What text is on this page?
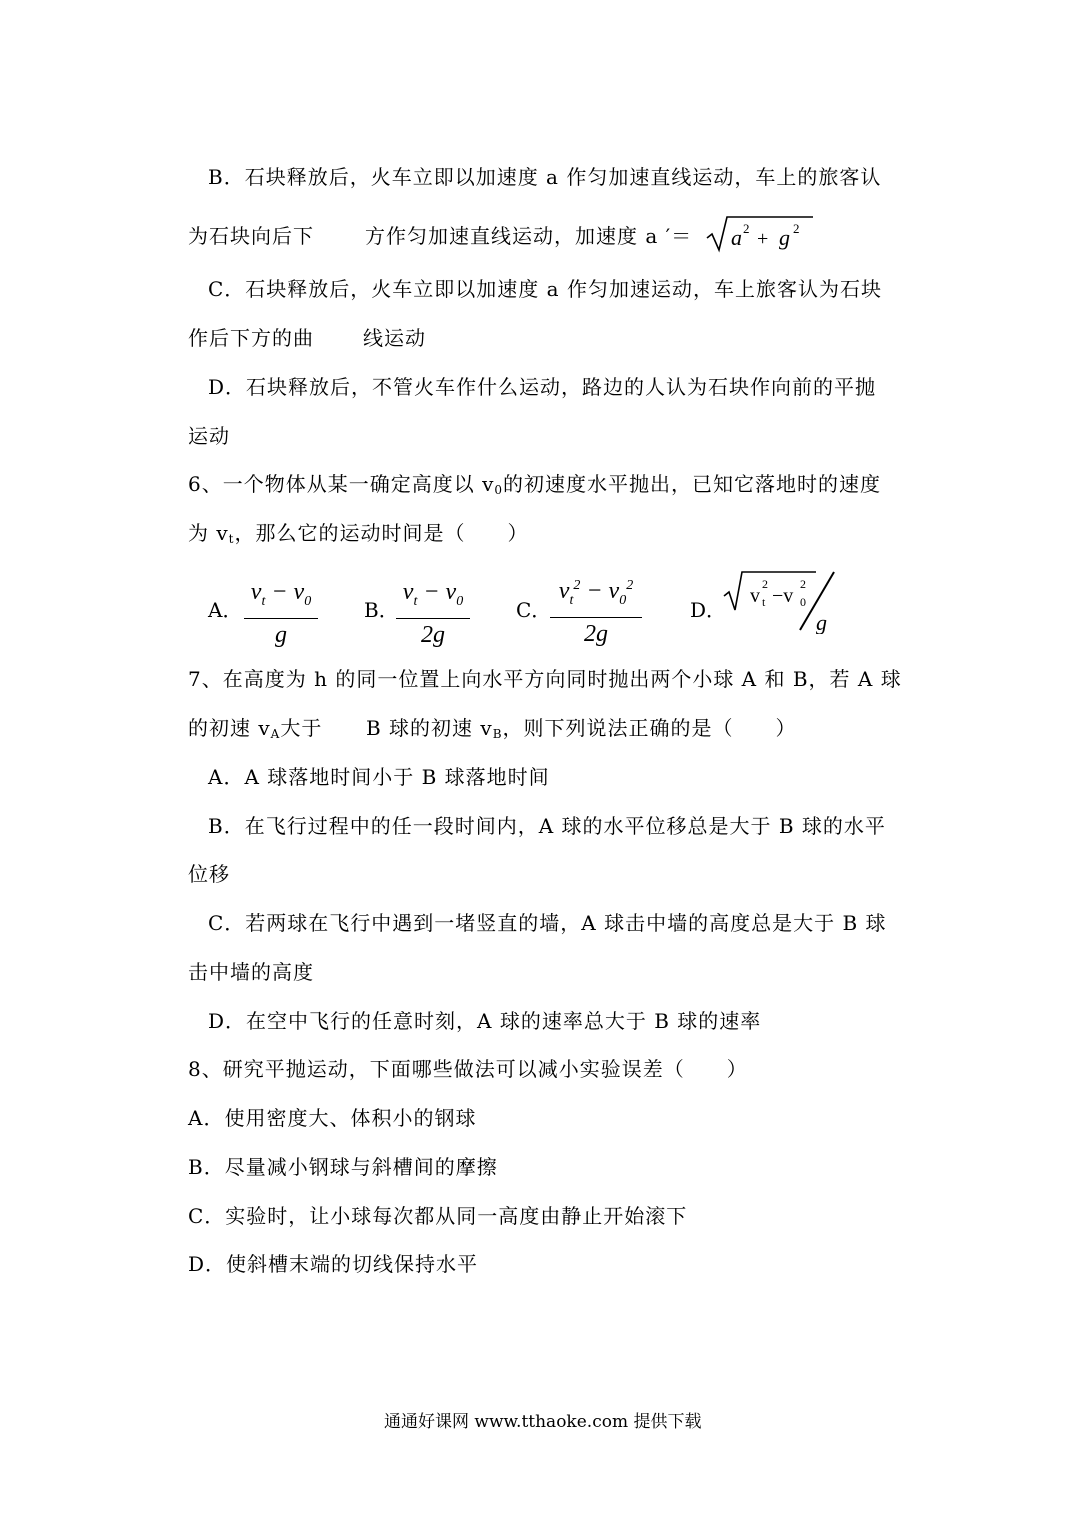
B．石块释放后，火车立即以加速度 a 作匀加速直线运动，车上的旅客认
为石块向后下	方作匀加速直线运动，加速度 a ′＝ a 2 + g 2
C．石块释放后，火车立即以加速度 a 作匀加速运动，车上旅客认为石块
作后下方的曲 线运动
D．石块释放后，不管火车作什么运动，路边的人认为石块作向前的平抛
运动
6、一个物体从某一确定高度以 $v_0$的初速度水平抛出，已知它落地时的速度
为 $v_t$，那么它的运动时间是（　　）
A．
$v_t - v_0$
g
B．
$v_t - v_0$
2g
C．
$v_t^2 - v_0^2$
2g
D．
v
2
t −v
2
0
g
7、在高度为 h 的同一位置上向水平方向同时抛出两个小球 A 和 B，若 A 球
的初速 $v_A$大于 B 球的初速 $v_B$，则下列说法正确的是（　　）
A．A 球落地时间小于 B 球落地时间
B．在飞行过程中的任一段时间内，A 球的水平位移总是大于 B 球的水平
位移
C．若两球在飞行中遇到一堵竖直的墙，A 球击中墙的高度总是大于 B 球
击中墙的高度
D．在空中飞行的任意时刻，A 球的速率总大于 B 球的速率
8、研究平抛运动，下面哪些做法可以减小实验误差（　　）
A．使用密度大、体积小的钢球
B．尽量减小钢球与斜槽间的摩擦
C．实验时，让小球每次都从同一高度由静止开始滚下
D．使斜槽末端的切线保持水平
通通好课网 www.tthaoke.com 提供下载
